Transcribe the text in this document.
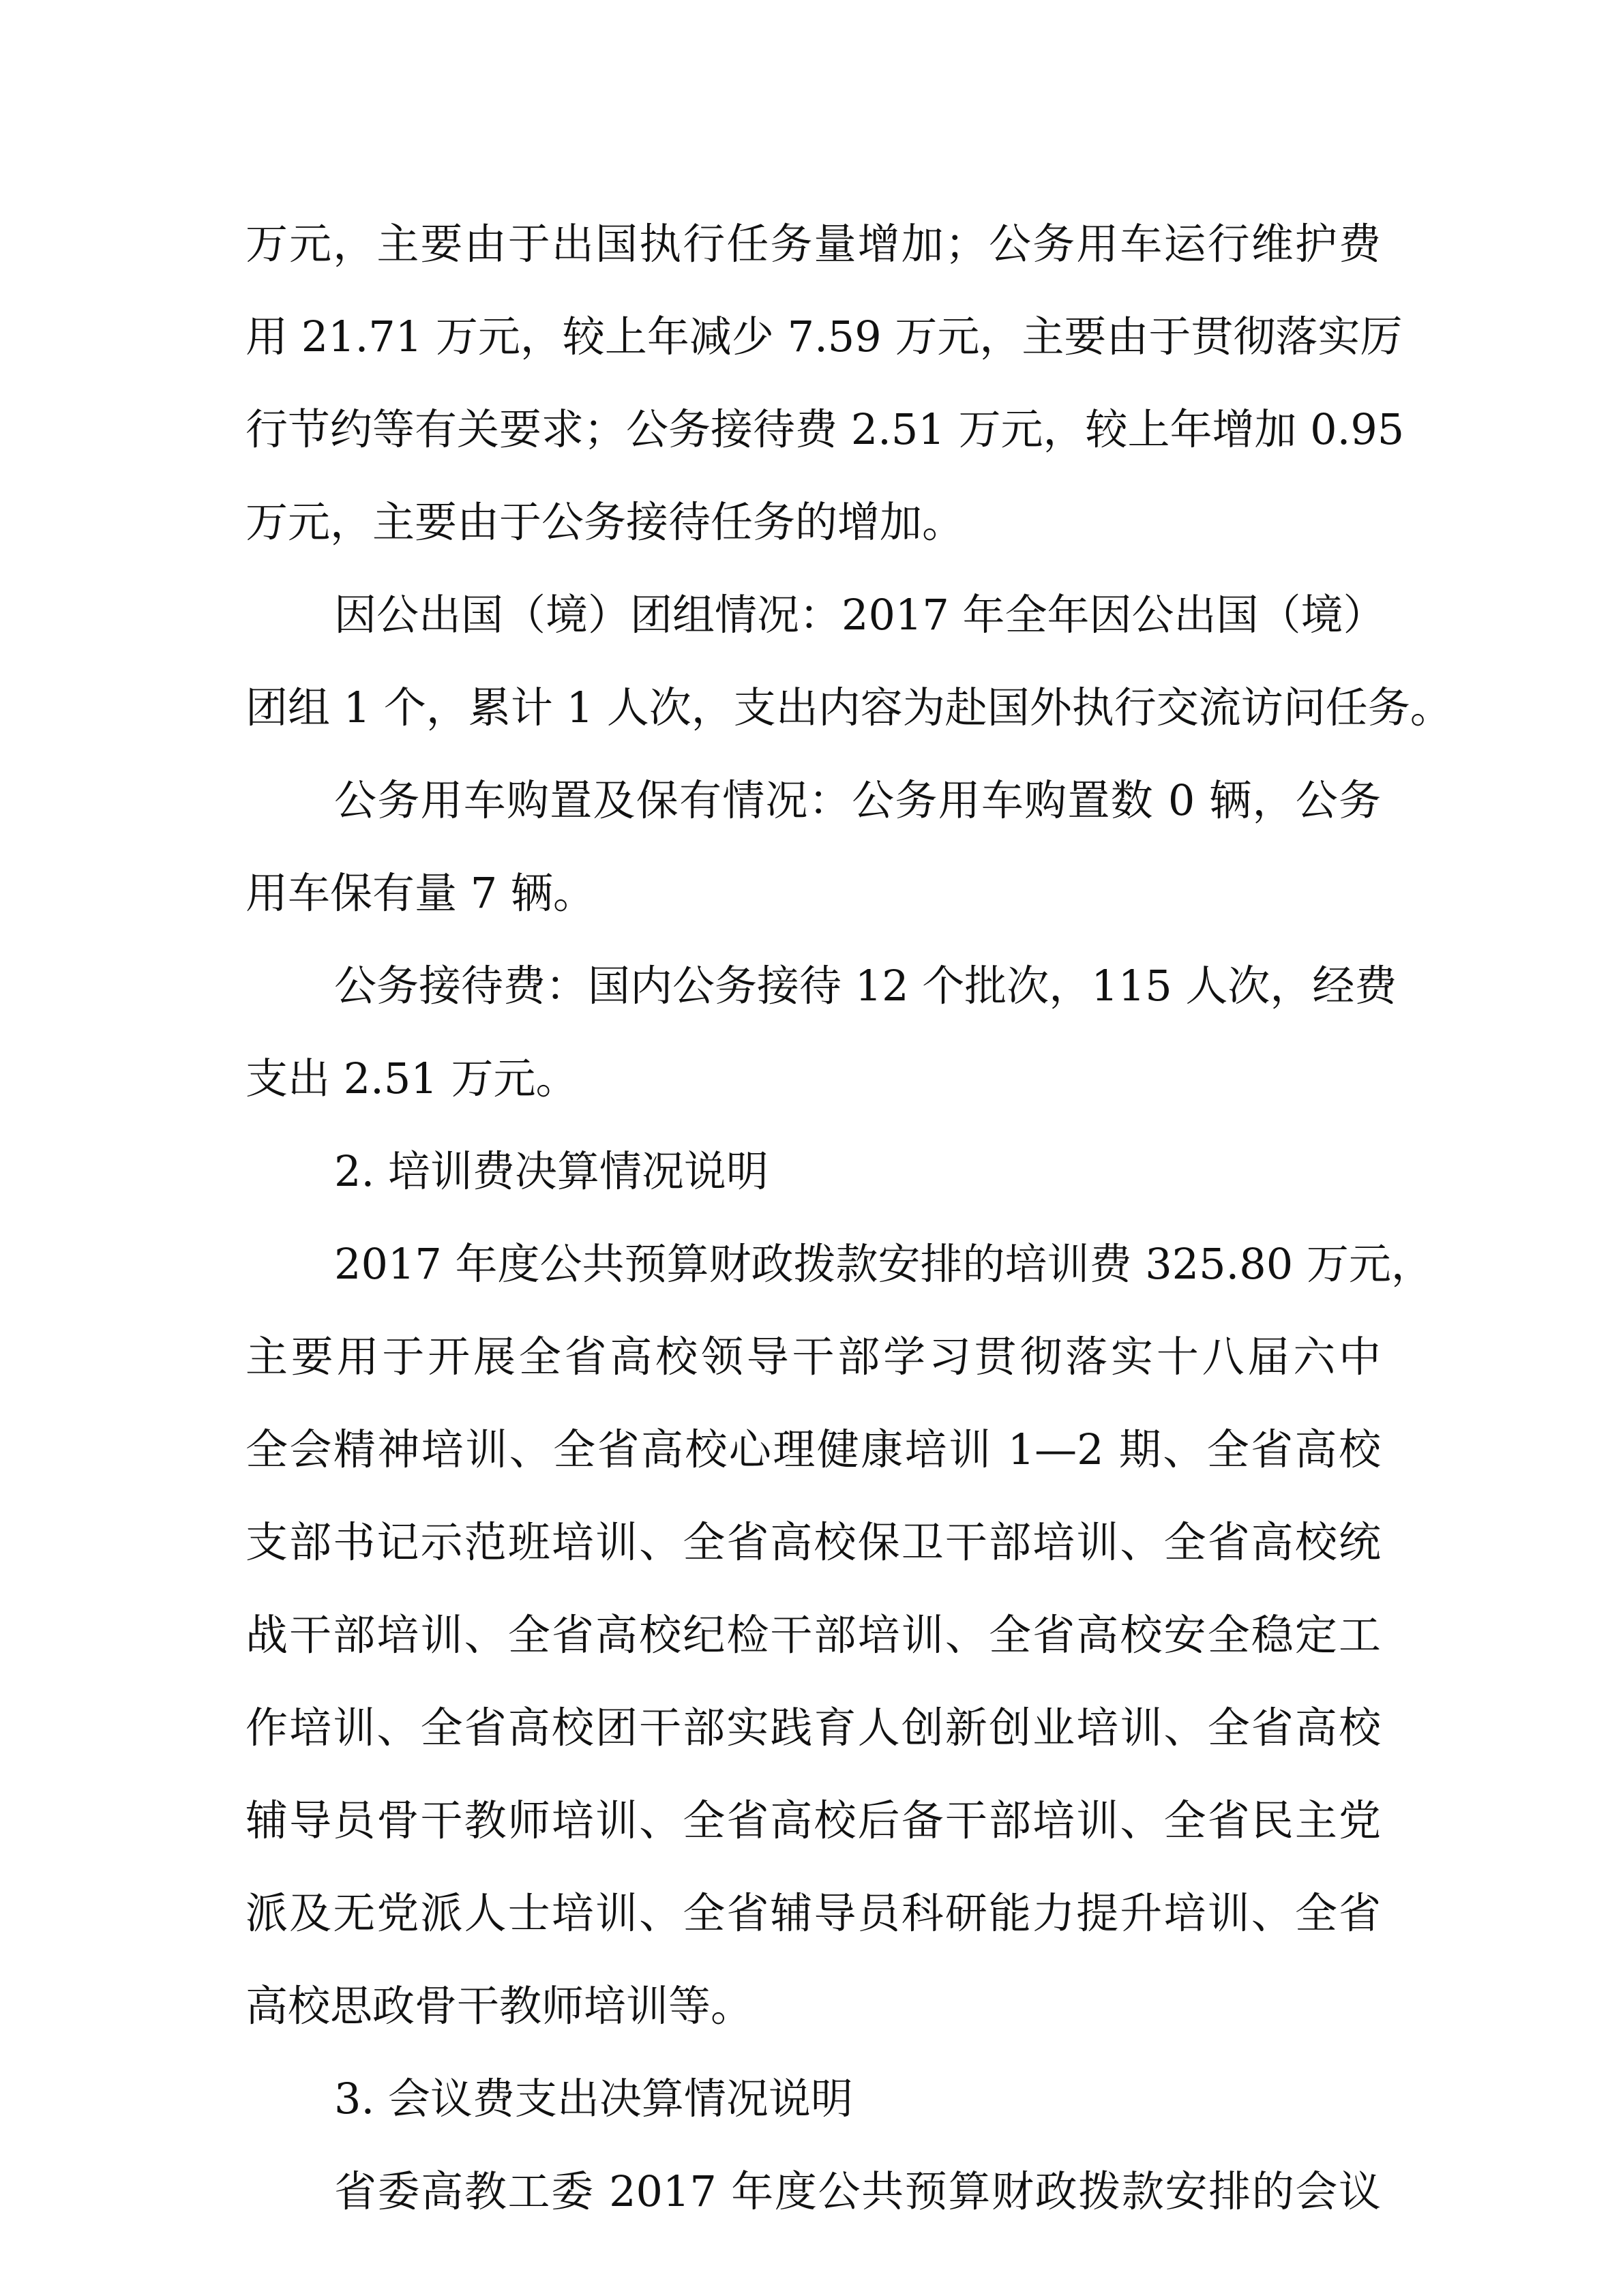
万元，主要由于出国执行任务量增加；公务用车运行维护费
用 21.71 万元，较上年减少 7.59 万元，主要由于贯彻落实厉
行节约等有关要求；公务接待费 2.51 万元，较上年增加 0.95
万元，主要由于公务接待任务的增加。
因公出国（境）团组情况：2017 年全年因公出国（境）
团组 1 个，累计 1 人次，支出内容为赴国外执行交流访问任务。
公务用车购置及保有情况：公务用车购置数 0 辆，公务
用车保有量 7 辆。
公务接待费：国内公务接待 12 个批次，115 人次，经费
支出 2.51 万元。
2. 培训费决算情况说明
2017 年度公共预算财政拨款安排的培训费 325.80 万元，
主要用于开展全省高校领导干部学习贯彻落实十八届六中
全会精神培训、全省高校心理健康培训 1—2 期、全省高校
支部书记示范班培训、全省高校保卫干部培训、全省高校统
战干部培训、全省高校纪检干部培训、全省高校安全稳定工
作培训、全省高校团干部实践育人创新创业培训、全省高校
辅导员骨干教师培训、全省高校后备干部培训、全省民主党
派及无党派人士培训、全省辅导员科研能力提升培训、全省
高校思政骨干教师培训等。
3. 会议费支出决算情况说明
省委高教工委 2017 年度公共预算财政拨款安排的会议
